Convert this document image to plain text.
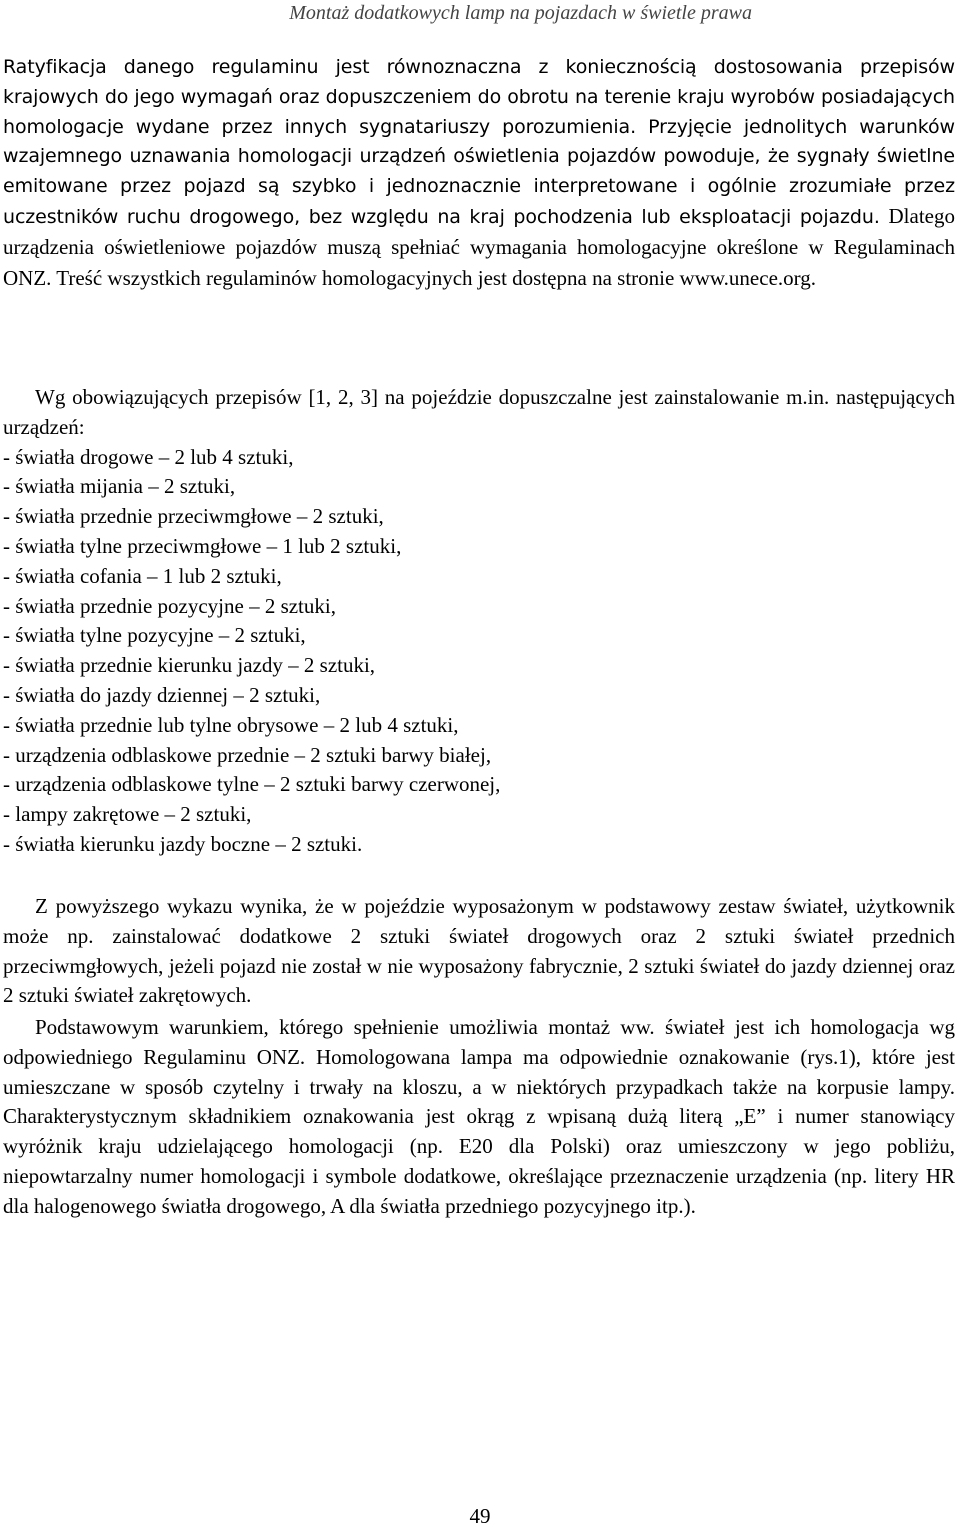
Montaż dodatkowych lamp na pojazdach w świetle prawa

Ratyfikacja danego regulaminu jest równoznaczna z koniecznością dostosowania przepisów krajowych do jego wymagań oraz dopuszczeniem do obrotu na terenie kraju wyrobów posiadających homologacje wydane przez innych sygnatariuszy porozumienia. Przyjęcie jednolitych warunków wzajemnego uznawania homologacji urządzeń oświetlenia pojazdów powoduje, że sygnały świetlne emitowane przez pojazd są szybko i jednoznacznie interpretowane i ogólnie zrozumiałe przez uczestników ruchu drogowego, bez względu na kraj pochodzenia lub eksploatacji pojazdu. Dlatego urządzenia oświetleniowe pojazdów muszą spełniać wymagania homologacyjne określone w Regulaminach ONZ. Treść wszystkich regulaminów homologacyjnych jest dostępna na stronie www.unece.org.

Wg obowiązujących przepisów [1, 2, 3] na pojeździe dopuszczalne jest zainstalowanie m.in. następujących urządzeń:

- światła drogowe – 2 lub 4 sztuki,
- światła mijania – 2 sztuki,
- światła przednie przeciwmgłowe – 2 sztuki,
- światła tylne przeciwmgłowe – 1 lub 2 sztuki,
- światła cofania – 1 lub 2 sztuki,
- światła przednie pozycyjne – 2 sztuki,
- światła tylne pozycyjne – 2 sztuki,
- światła przednie kierunku jazdy – 2 sztuki,
- światła do jazdy dziennej – 2 sztuki,
- światła przednie lub tylne obrysowe – 2 lub 4 sztuki,
- urządzenia odblaskowe przednie – 2 sztuki barwy białej,
- urządzenia odblaskowe tylne – 2 sztuki barwy czerwonej,
- lampy zakrętowe – 2 sztuki,
- światła kierunku jazdy boczne – 2 sztuki.

Z powyższego wykazu wynika, że w pojeździe wyposażonym w podstawowy zestaw świateł, użytkownik może np. zainstalować dodatkowe 2 sztuki świateł drogowych oraz 2 sztuki świateł przednich przeciwmgłowych, jeżeli pojazd nie został w nie wyposażony fabrycznie, 2 sztuki świateł do jazdy dziennej oraz 2 sztuki świateł zakrętowych.

Podstawowym warunkiem, którego spełnienie umożliwia montaż ww. świateł jest ich homologacja wg odpowiedniego Regulaminu ONZ. Homologowana lampa ma odpowiednie oznakowanie (rys.1), które jest umieszczane w sposób czytelny i trwały na kloszu, a w niektórych przypadkach także na korpusie lampy. Charakterystycznym składnikiem oznakowania jest okrąg z wpisaną dużą literą „E” i numer stanowiący wyróżnik kraju udzielającego homologacji (np. E20 dla Polski) oraz umieszczony w jego pobliżu, niepowtarzalny numer homologacji i symbole dodatkowe, określające przeznaczenie urządzenia (np. litery HR dla halogenowego światła drogowego, A dla światła przedniego pozycyjnego itp.).

49
